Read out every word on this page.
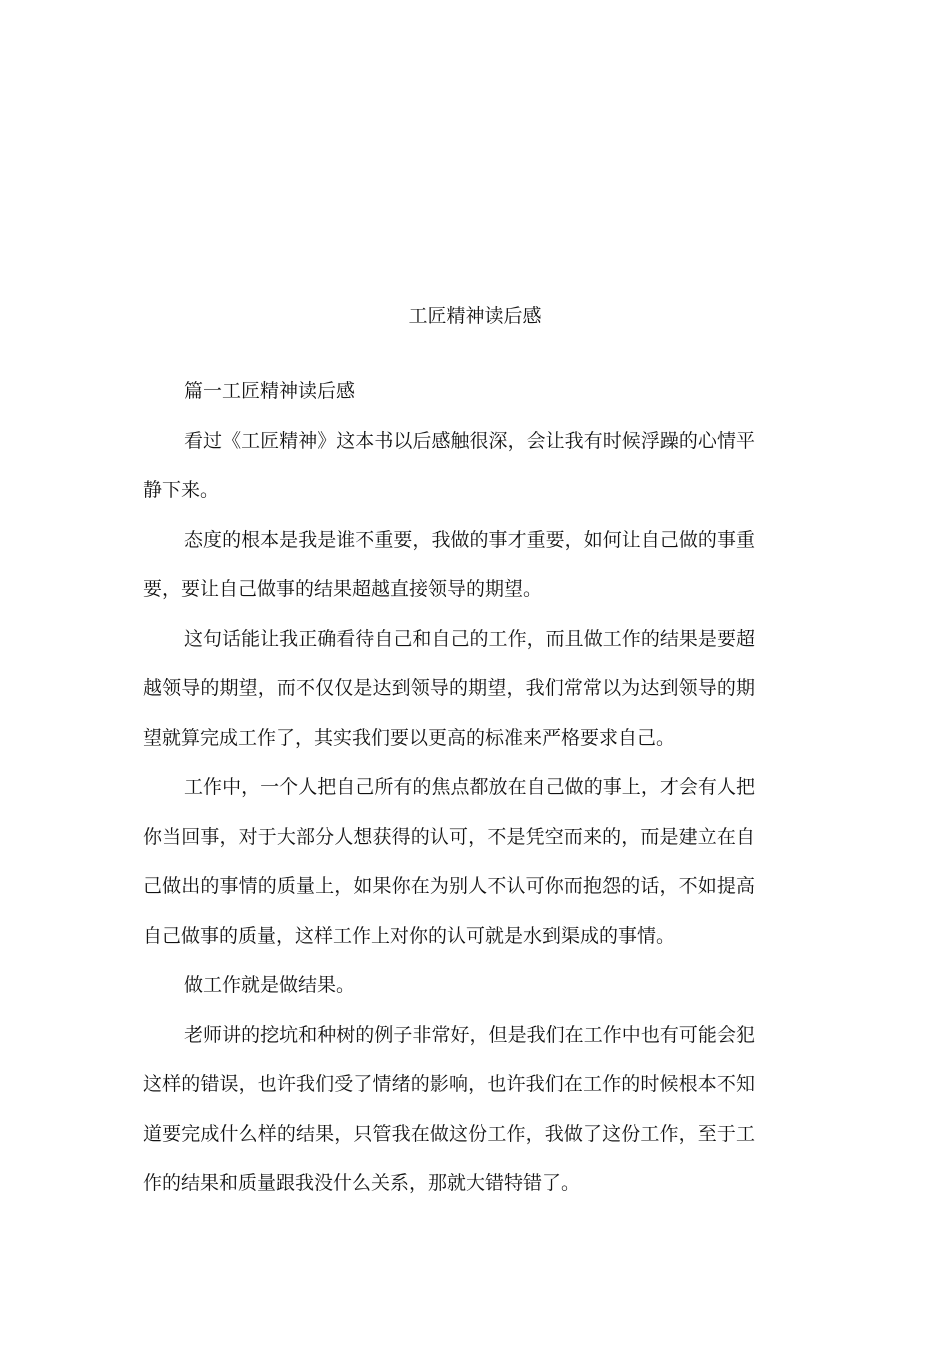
工匠精神读后感

篇一工匠精神读后感

看过《工匠精神》这本书以后感触很深，会让我有时候浮躁的心情平静下来。

态度的根本是我是谁不重要，我做的事才重要，如何让自己做的事重要，要让自己做事的结果超越直接领导的期望。

这句话能让我正确看待自己和自己的工作，而且做工作的结果是要超越领导的期望，而不仅仅是达到领导的期望，我们常常以为达到领导的期望就算完成工作了，其实我们要以更高的标准来严格要求自己。

工作中，一个人把自己所有的焦点都放在自己做的事上，才会有人把你当回事，对于大部分人想获得的认可，不是凭空而来的，而是建立在自己做出的事情的质量上，如果你在为别人不认可你而抱怨的话，不如提高自己做事的质量，这样工作上对你的认可就是水到渠成的事情。

做工作就是做结果。

老师讲的挖坑和种树的例子非常好，但是我们在工作中也有可能会犯这样的错误，也许我们受了情绪的影响，也许我们在工作的时候根本不知道要完成什么样的结果，只管我在做这份工作，我做了这份工作，至于工作的结果和质量跟我没什么关系，那就大错特错了。
